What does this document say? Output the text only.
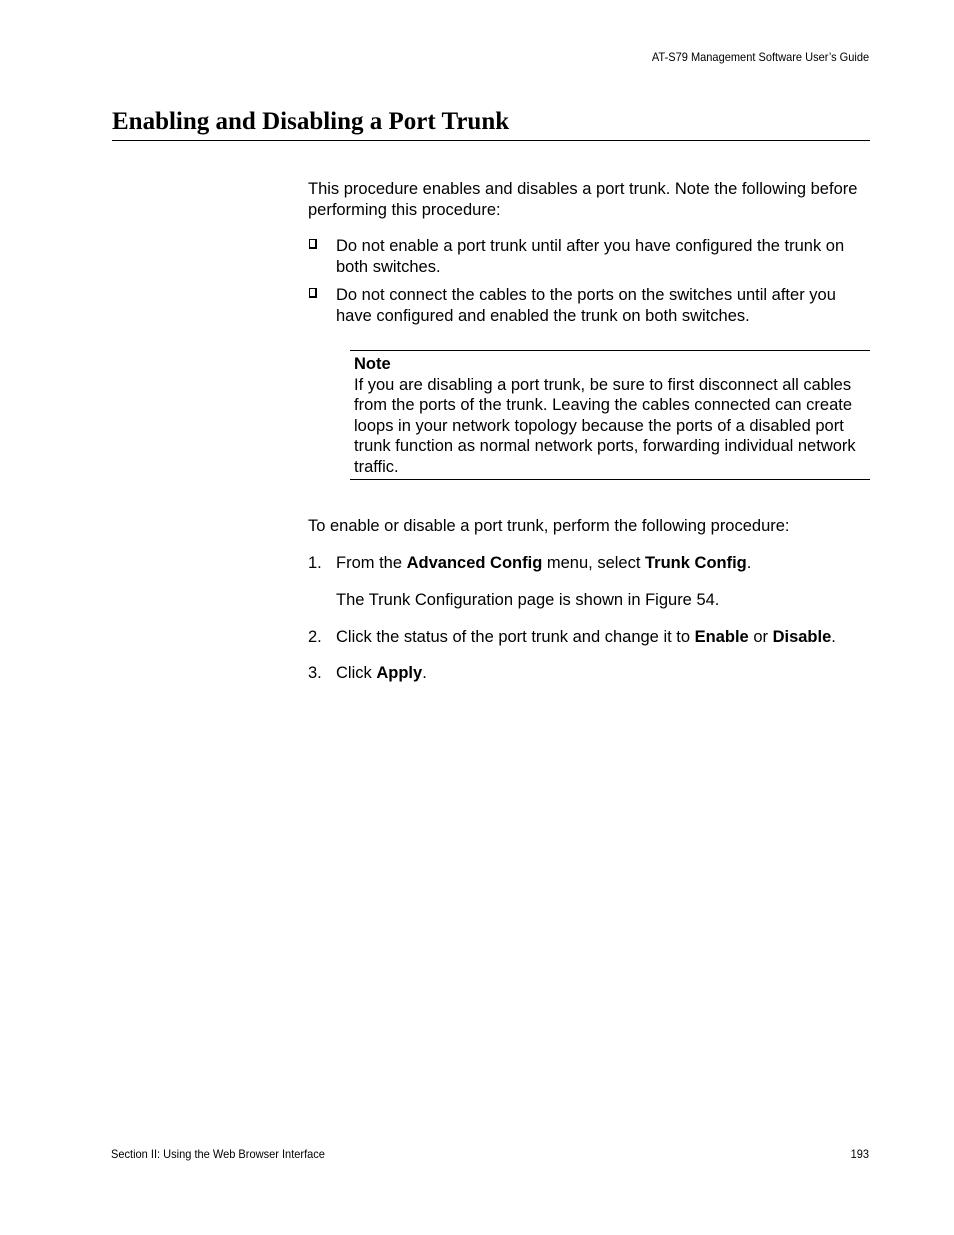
AT-S79 Management Software User’s Guide
Enabling and Disabling a Port Trunk

This procedure enables and disables a port trunk. Note the following before performing this procedure:

Do not enable a port trunk until after you have configured the trunk on both switches.
Do not connect the cables to the ports on the switches until after you have configured and enabled the trunk on both switches.
Note
If you are disabling a port trunk, be sure to first disconnect all cables from the ports of the trunk. Leaving the cables connected can create loops in your network topology because the ports of a disabled port trunk function as normal network ports, forwarding individual network traffic.

To enable or disable a port trunk, perform the following procedure:

1. From the Advanced Config menu, select Trunk Config.

The Trunk Configuration page is shown in Figure 54.

2. Click the status of the port trunk and change it to Enable or Disable.

3. Click Apply.

Section II: Using the Web Browser Interface	193
